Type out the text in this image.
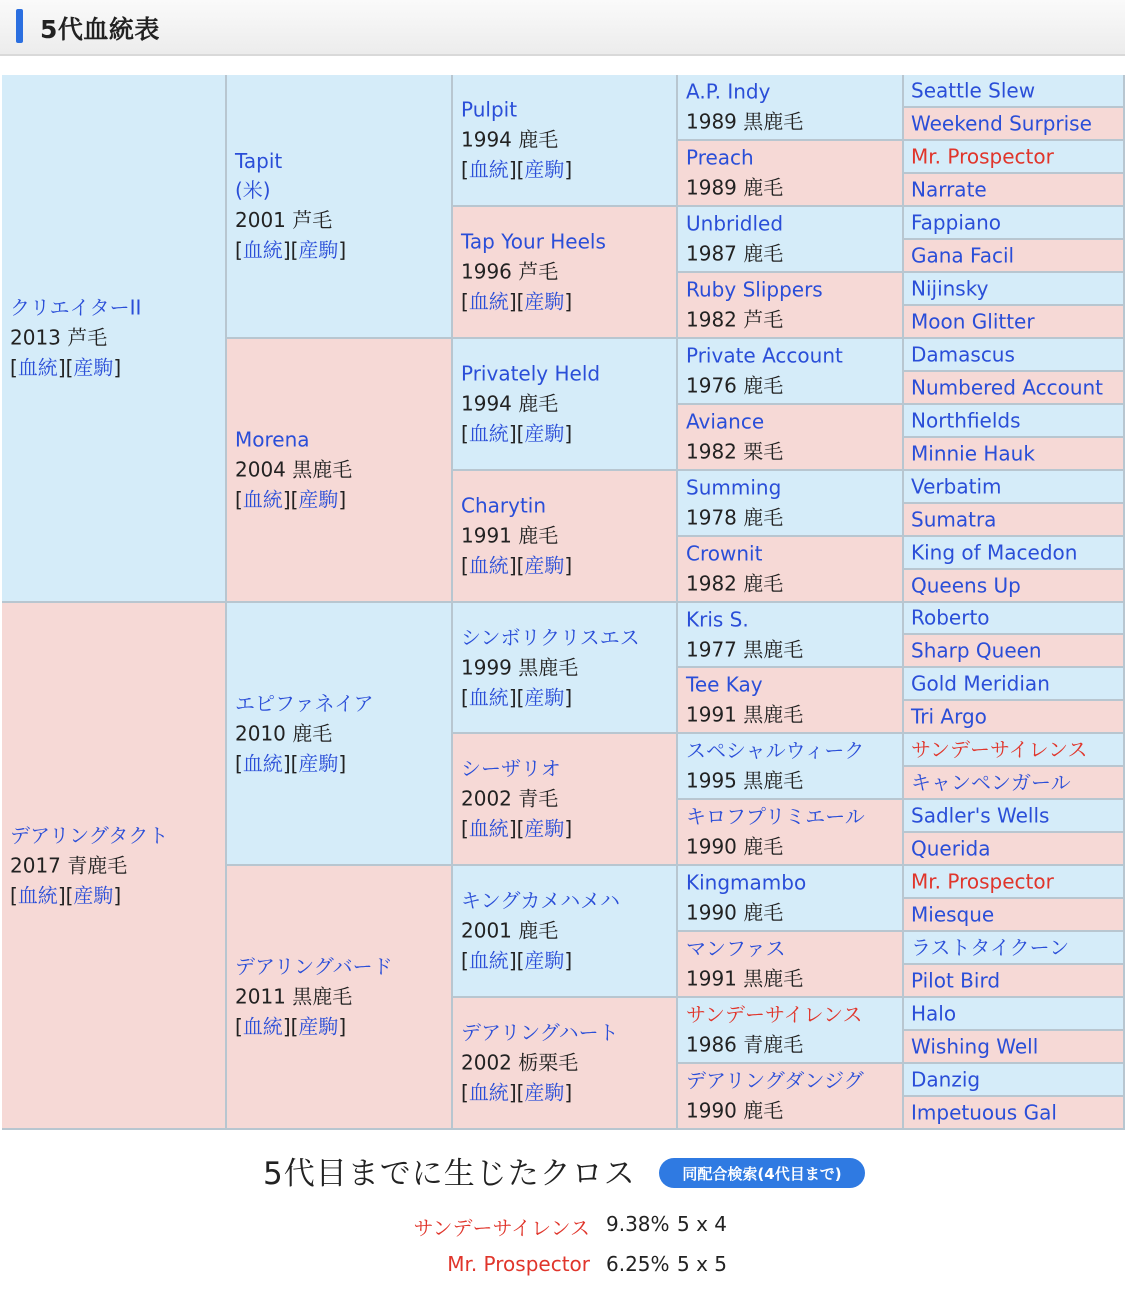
5代血統表
クリエイターII
2013 芦毛
[血統][産駒]
Tapit
(米)
2001 芦毛
[血統][産駒]
Pulpit
1994 鹿毛
[血統][産駒]
A.P. Indy
1989 黒鹿毛
Seattle Slew
Weekend Surprise
Preach
1989 鹿毛
Mr. Prospector
Narrate
Tap Your Heels
1996 芦毛
[血統][産駒]
Unbridled
1987 鹿毛
Fappiano
Gana Facil
Ruby Slippers
1982 芦毛
Nijinsky
Moon Glitter
Morena
2004 黒鹿毛
[血統][産駒]
Privately Held
1994 鹿毛
[血統][産駒]
Private Account
1976 鹿毛
Damascus
Numbered Account
Aviance
1982 栗毛
Northfields
Minnie Hauk
Charytin
1991 鹿毛
[血統][産駒]
Summing
1978 鹿毛
Verbatim
Sumatra
Crownit
1982 鹿毛
King of Macedon
Queens Up
デアリングタクト
2017 青鹿毛
[血統][産駒]
エピファネイア
2010 鹿毛
[血統][産駒]
シンボリクリスエス
1999 黒鹿毛
[血統][産駒]
Kris S.
1977 黒鹿毛
Roberto
Sharp Queen
Tee Kay
1991 黒鹿毛
Gold Meridian
Tri Argo
シーザリオ
2002 青毛
[血統][産駒]
スペシャルウィーク
1995 黒鹿毛
サンデーサイレンス
キャンペンガール
キロフプリミエール
1990 鹿毛
Sadler's Wells
Querida
デアリングバード
2011 黒鹿毛
[血統][産駒]
キングカメハメハ
2001 鹿毛
[血統][産駒]
Kingmambo
1990 鹿毛
Mr. Prospector
Miesque
マンファス
1991 黒鹿毛
ラストタイクーン
Pilot Bird
デアリングハート
2002 栃栗毛
[血統][産駒]
サンデーサイレンス
1986 青鹿毛
Halo
Wishing Well
デアリングダンジグ
1990 鹿毛
Danzig
Impetuous Gal
5代目までに生じたクロス	同配合検索(4代目まで)
サンデーサイレンス 9.38% 5 x 4
Mr. Prospector 6.25% 5 x 5
